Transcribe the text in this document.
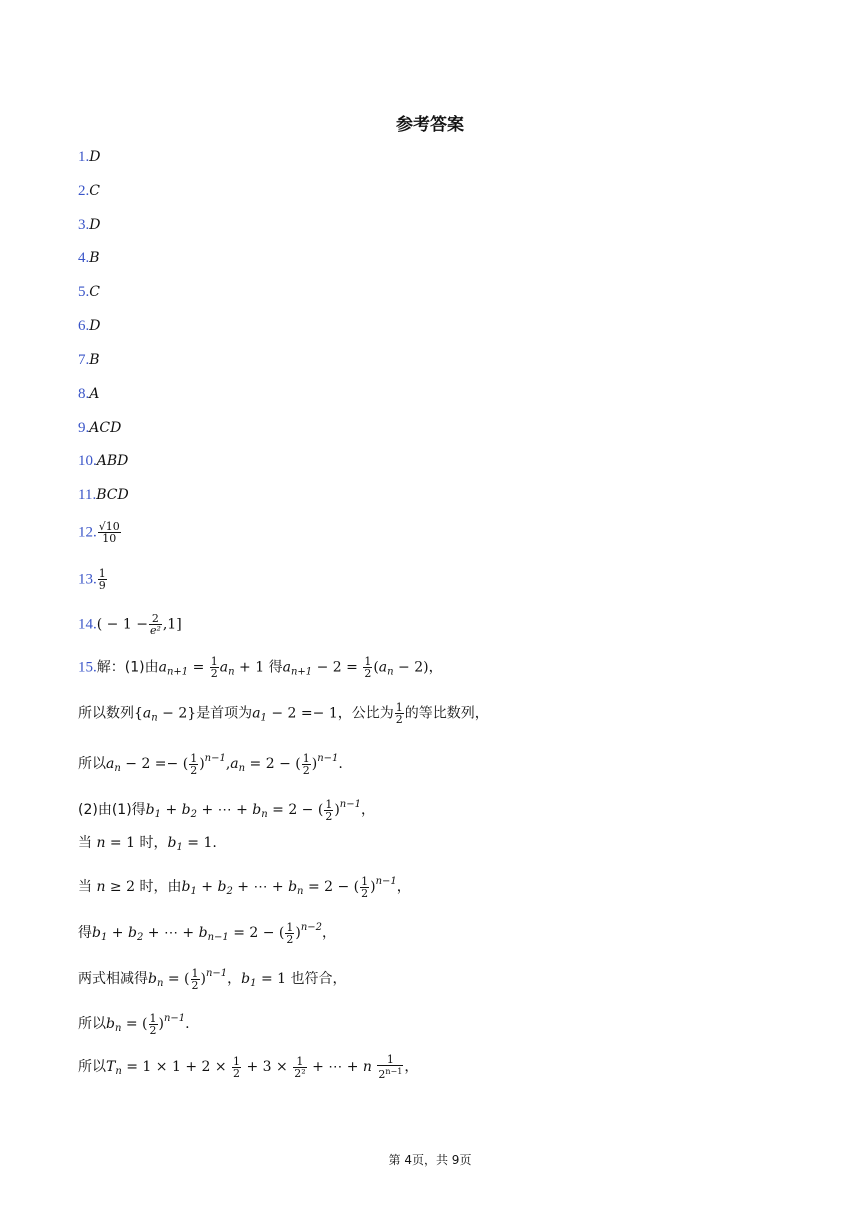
参考答案
1.D
2.C
3.D
4.B
5.C
6.D
7.B
8.A
9.ACD
10.ABD
11.BCD
12. $\frac{√10}{10}$
13. $\frac{1}{9}$
$14.( - 1 - \frac{2}{\text{e²}} ,1]$
15.解：(1)由$a_{n+1} = \frac{1}{2} a_n + 1$ 得$a_{n+1} - 2 = \frac{1}{2} (a_n - 2)$，
所以数列$\{a_n - 2\}$是首项为$a_1 - 2 =- 1$，公比为 $\frac{1}{2}$ 的等比数列，
所以$a_n - 2$ =− ( $\frac{1}{2} )^{n-1},a_n = 2$ − ( $\frac{1}{2} )^{n-1}$.
(2)由(1)得$b_1 + b_2$ + ⋯ + $b_n = 2$ − ( $\frac{1}{2} )^{n-1}$，
当 n = 1 时，$b_1 = 1$.
当 n ≥ 2 时，由$b_1 + b_2$ + ⋯ + $b_n = 2$ − ( $\frac{1}{2} )^{n-1}$，
得$b_1 + b_2$ + ⋯ + $b_{n-1} = 2$ − ( $\frac{1}{2} )^{n-2}$，
两式相减得$b_n$ = ( $\frac{1}{2} )^{n-1}$，$b_1 = 1$ 也符合，
所以$b_n$ = ( $\frac{1}{2} )^{n-1}$.
所以$T_n = 1 \times 1 + 2 \times \frac{1}{2} + 3 \times \frac{1}{\text{2²}}$ + ⋯ + n $\frac{1}{2^{n-1}}$ ，
第 4页，共 9页
